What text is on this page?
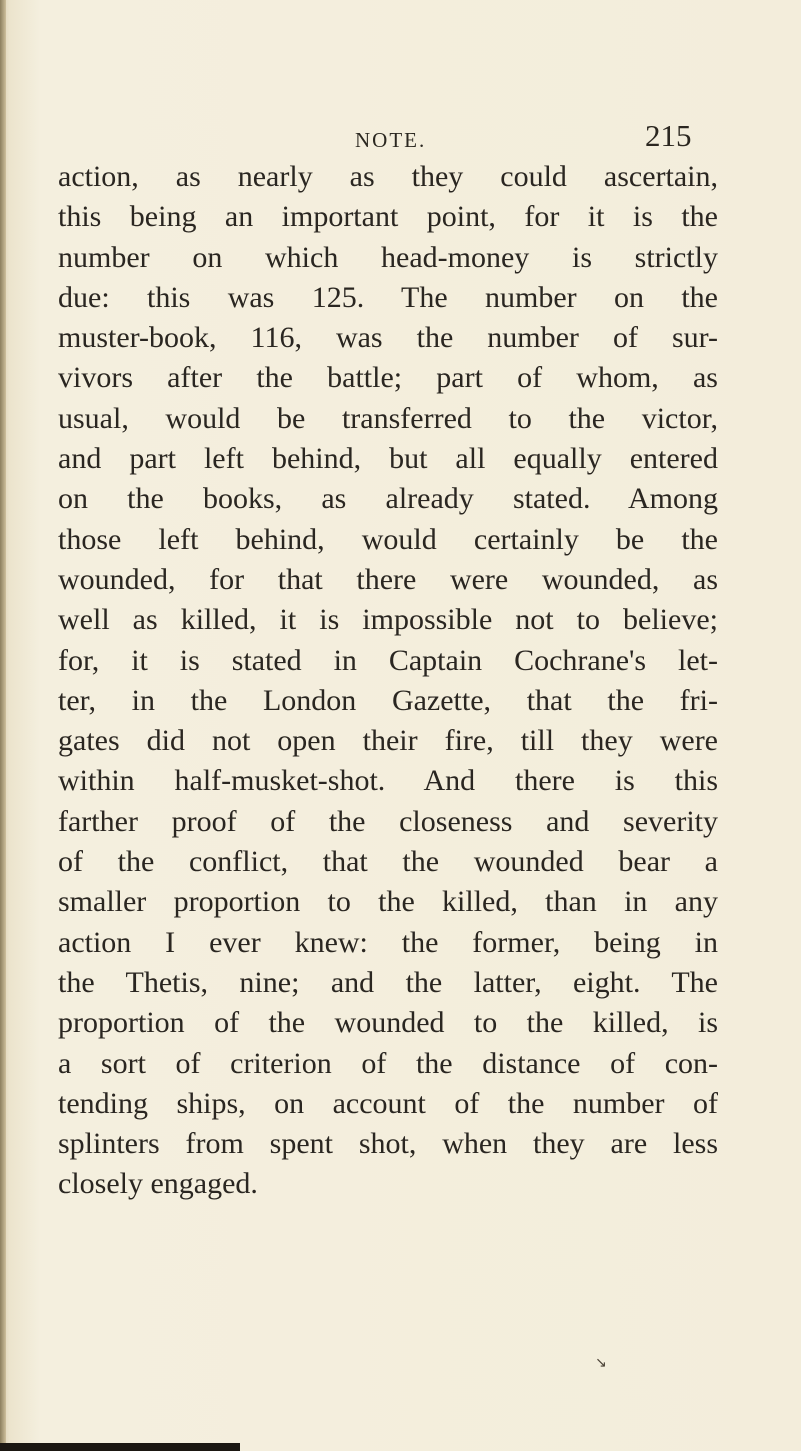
NOTE.	215
action, as nearly as they could ascertain,
this being an important point, for it is the
number on which head-money is strictly
due: this was 125. The number on the
muster-book, 116, was the number of sur-
vivors after the battle; part of whom, as
usual, would be transferred to the victor,
and part left behind, but all equally entered
on the books, as already stated. Among
those left behind, would certainly be the
wounded, for that there were wounded, as
well as killed, it is impossible not to believe;
for, it is stated in Captain Cochrane's let-
ter, in the London Gazette, that the fri-
gates did not open their fire, till they were
within half-musket-shot. And there is this
farther proof of the closeness and severity
of the conflict, that the wounded bear a
smaller proportion to the killed, than in any
action I ever knew: the former, being in
the Thetis, nine; and the latter, eight. The
proportion of the wounded to the killed, is
a sort of criterion of the distance of con-
tending ships, on account of the number of
splinters from spent shot, when they are less
closely engaged.
↘
